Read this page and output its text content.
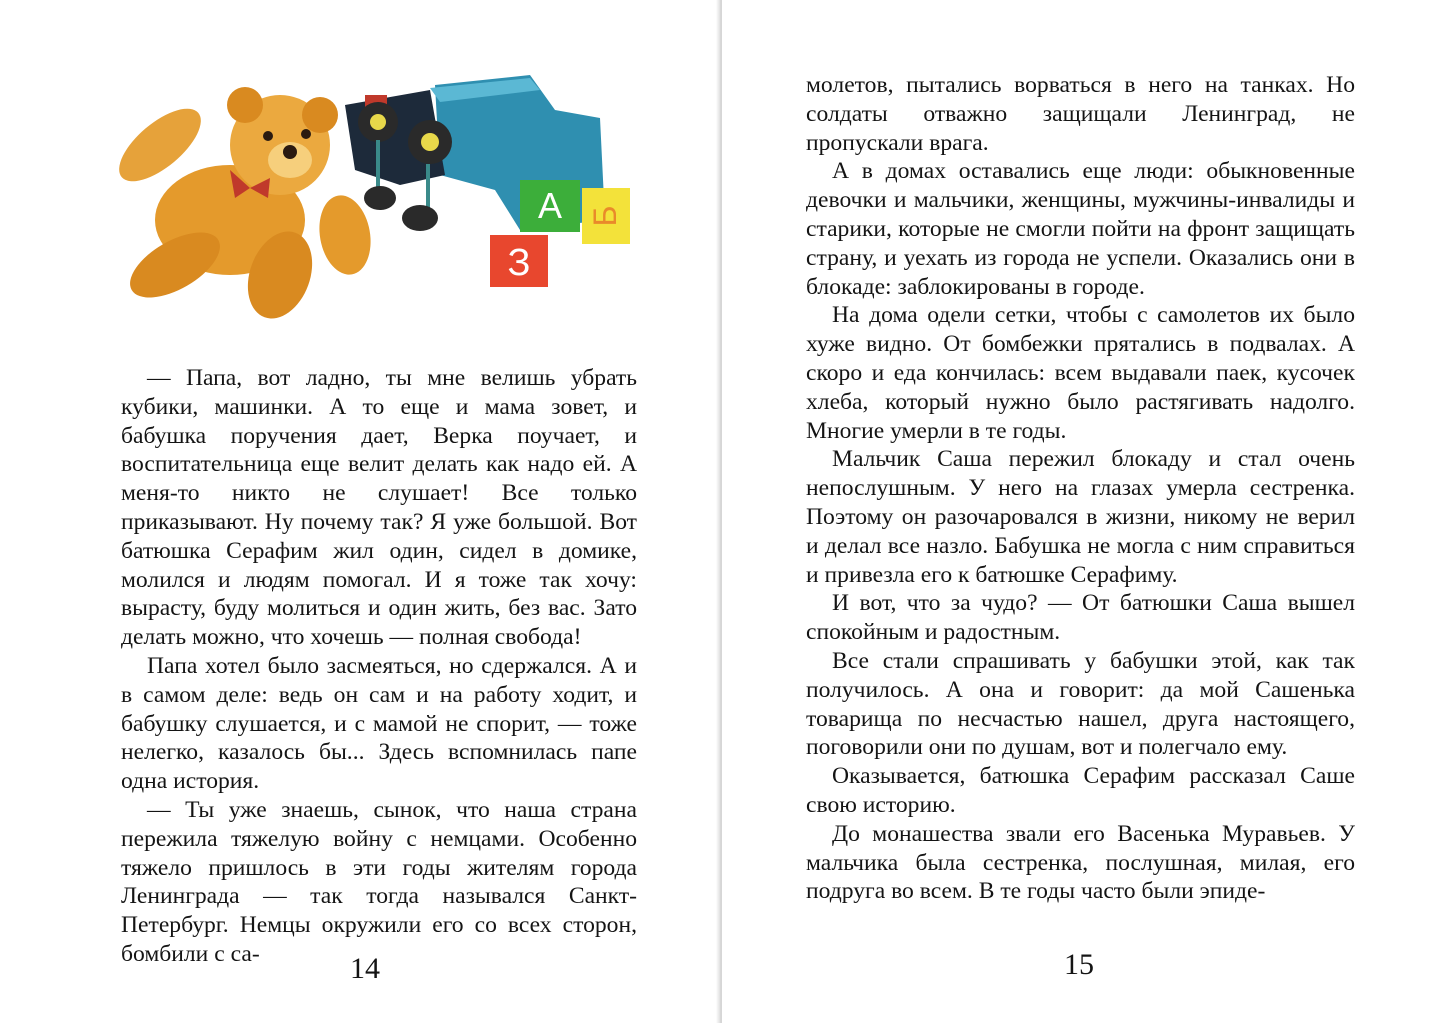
А Б
З

— Папа, вот ладно, ты мне велишь убрать кубики, машинки. А то еще и мама зовет, и бабушка поручения дает, Верка поучает, и воспитательница еще велит делать как надо ей. А меня-то никто не слушает! Все только приказывают. Ну почему так? Я уже большой. Вот батюшка Серафим жил один, сидел в домике, молился и людям помогал. И я тоже так хочу: вырасту, буду молиться и один жить, без вас. Зато делать можно, что хочешь — полная свобода!

Папа хотел было засмеяться, но сдержался. А и в самом деле: ведь он сам и на работу ходит, и бабушку слушается, и с мамой не спорит, — тоже нелегко, казалось бы... Здесь вспомнилась папе одна история.

— Ты уже знаешь, сынок, что наша страна пережила тяжелую войну с немцами. Особенно тяжело пришлось в эти годы жителям города Ленинграда — так тогда назывался Санкт-Петербург. Немцы окружили его со всех сторон, бомбили с са-	14

молетов, пытались ворваться в него на танках. Но солдаты отважно защищали Ленинград, не пропускали врага.

А в домах оставались еще люди: обыкновенные девочки и мальчики, женщины, мужчины-инвалиды и старики, которые не смогли пойти на фронт защищать страну, и уехать из города не успели. Оказались они в блокаде: заблокированы в городе.

На дома одели сетки, чтобы с самолетов их было хуже видно. От бомбежки прятались в подвалах. А скоро и еда кончилась: всем выдавали паек, кусочек хлеба, который нужно было растягивать надолго. Многие умерли в те годы.

Мальчик Саша пережил блокаду и стал очень непослушным. У него на глазах умерла сестренка. Поэтому он разочаровался в жизни, никому не верил и делал все назло. Бабушка не могла с ним справиться и привезла его к батюшке Серафиму.

И вот, что за чудо? — От батюшки Саша вышел спокойным и радостным.

Все стали спрашивать у бабушки этой, как так получилось. А она и говорит: да мой Сашенька товарища по несчастью нашел, друга настоящего, поговорили они по душам, вот и полегчало ему.

Оказывается, батюшка Серафим рассказал Саше свою историю.

До монашества звали его Васенька Муравьев. У мальчика была сестренка, послушная, милая, его подруга во всем. В те годы часто были эпиде-

15
